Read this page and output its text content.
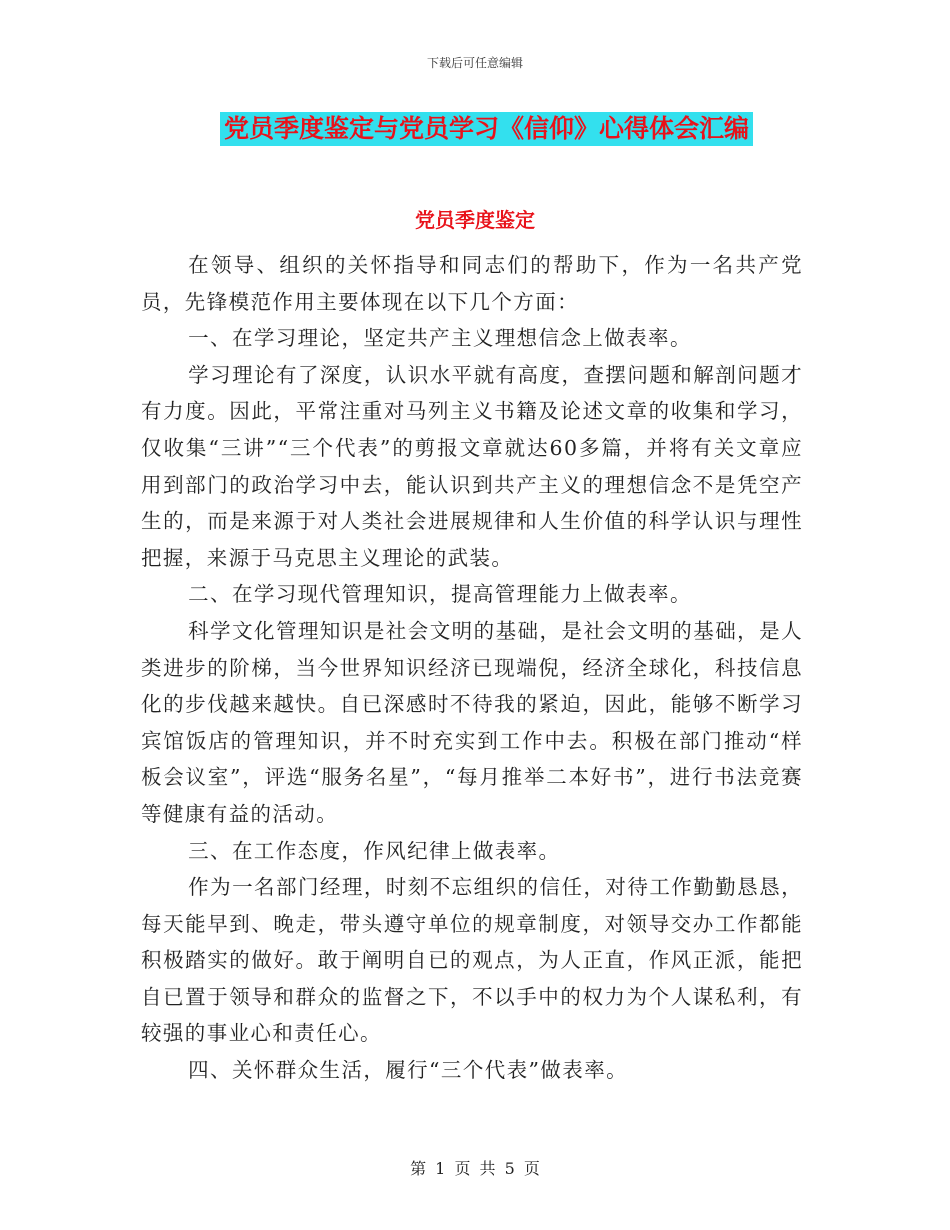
下载后可任意编辑
党员季度鉴定与党员学习《信仰》心得体会汇编
党员季度鉴定

在领导、组织的关怀指导和同志们的帮助下，作为一名共产党员，先锋模范作用主要体现在以下几个方面：

一、在学习理论，坚定共产主义理想信念上做表率。

学习理论有了深度，认识水平就有高度，查摆问题和解剖问题才有力度。因此，平常注重对马列主义书籍及论述文章的收集和学习，仅收集“三讲”“三个代表”的剪报文章就达60多篇，并将有关文章应用到部门的政治学习中去，能认识到共产主义的理想信念不是凭空产生的，而是来源于对人类社会进展规律和人生价值的科学认识与理性把握，来源于马克思主义理论的武装。

二、在学习现代管理知识，提高管理能力上做表率。

科学文化管理知识是社会文明的基础，是社会文明的基础，是人类进步的阶梯，当今世界知识经济已现端倪，经济全球化，科技信息化的步伐越来越快。自已深感时不待我的紧迫，因此，能够不断学习宾馆饭店的管理知识，并不时充实到工作中去。积极在部门推动“样板会议室”，评选“服务名星”，“每月推举二本好书”，进行书法竞赛等健康有益的活动。

三、在工作态度，作风纪律上做表率。

作为一名部门经理，时刻不忘组织的信任，对待工作勤勤恳恳，每天能早到、晚走，带头遵守单位的规章制度，对领导交办工作都能积极踏实的做好。敢于阐明自已的观点，为人正直，作风正派，能把自已置于领导和群众的监督之下，不以手中的权力为个人谋私利，有较强的事业心和责任心。

四、关怀群众生活，履行“三个代表”做表率。

第 1 页 共 5 页
